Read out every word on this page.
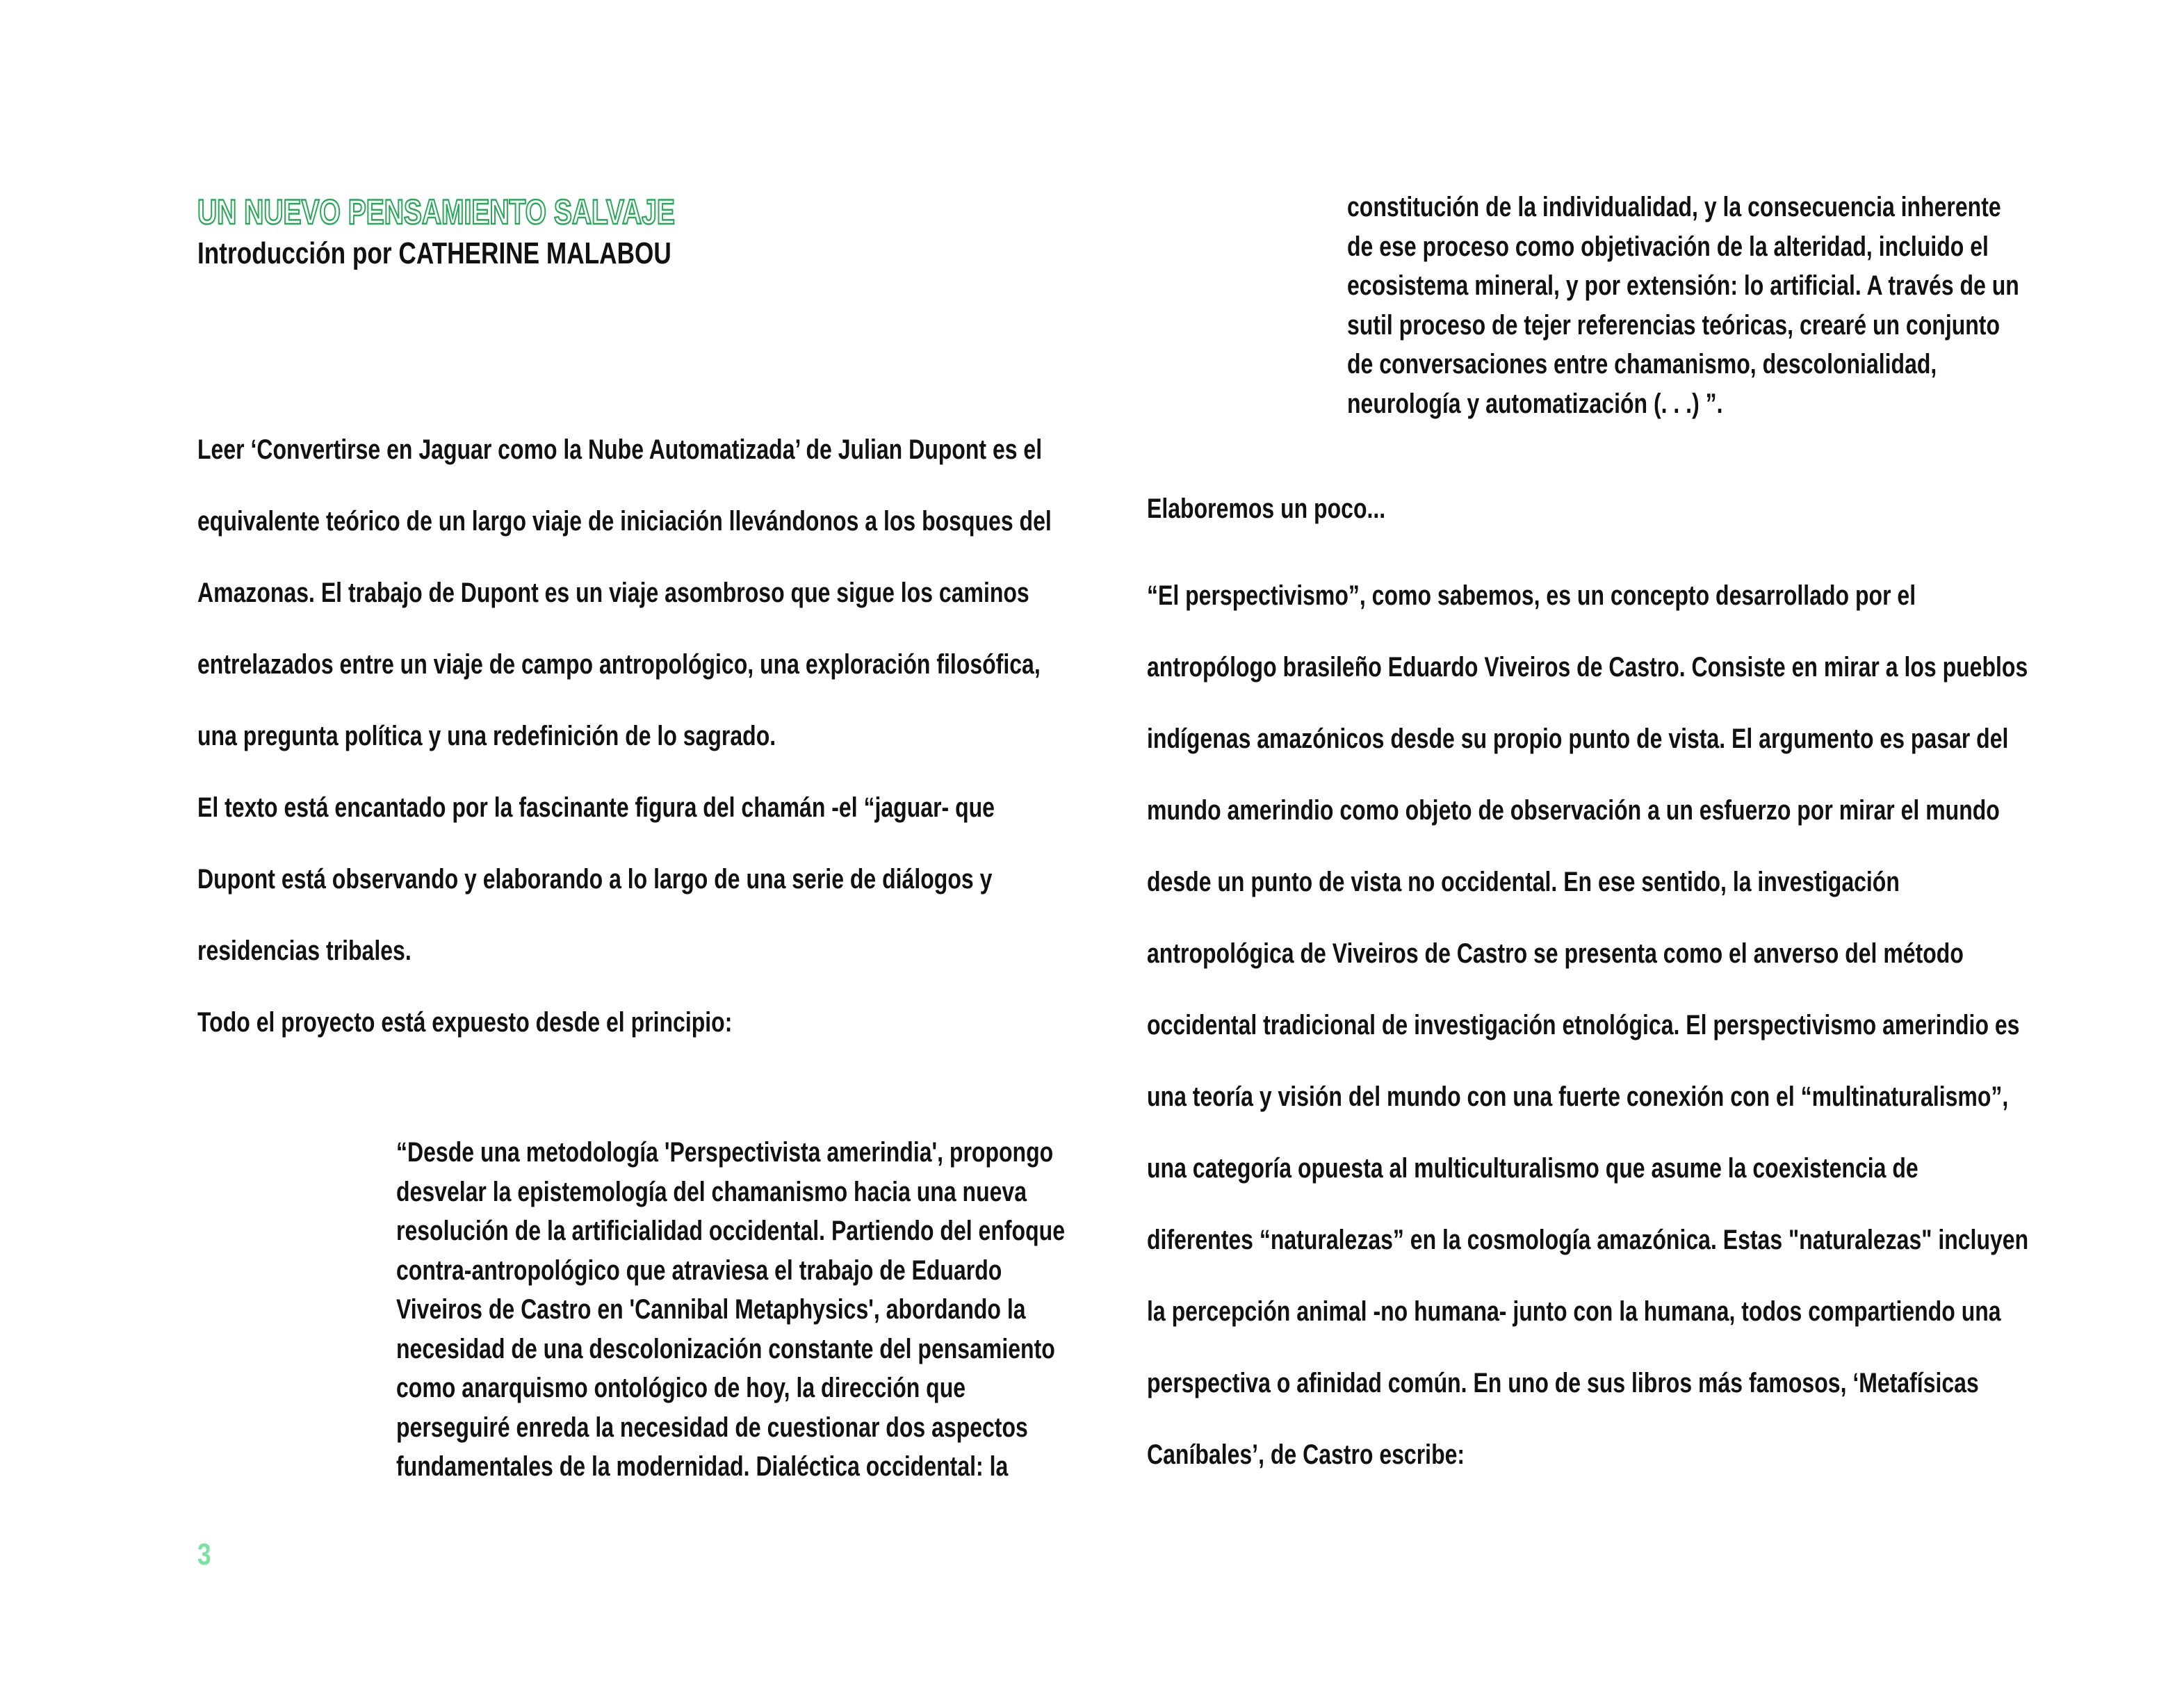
UN NUEVO PENSAMIENTO SALVAJE
Introducción por CATHERINE MALABOU

Leer ‘Convertirse en Jaguar como la Nube Automatizada’ de Julian Dupont es el

equivalente teórico de un largo viaje de iniciación llevándonos a los bosques del

Amazonas. El trabajo de Dupont es un viaje asombroso que sigue los caminos

entrelazados entre un viaje de campo antropológico, una exploración filosófica,

una pregunta política y una redefinición de lo sagrado.

El texto está encantado por la fascinante figura del chamán -el “jaguar- que

Dupont está observando y elaborando a lo largo de una serie de diálogos y

residencias tribales.

Todo el proyecto está expuesto desde el principio:

“Desde una metodología 'Perspectivista amerindia', propongo

desvelar la epistemología del chamanismo hacia una nueva

resolución de la artificialidad occidental. Partiendo del enfoque

contra-antropológico que atraviesa el trabajo de Eduardo

Viveiros de Castro en 'Cannibal Metaphysics', abordando la

necesidad de una descolonización constante del pensamiento

como anarquismo ontológico de hoy, la dirección que

perseguiré enreda la necesidad de cuestionar dos aspectos

fundamentales de la modernidad. Dialéctica occidental: la

constitución de la individualidad, y la consecuencia inherente

de ese proceso como objetivación de la alteridad, incluido el

ecosistema mineral, y por extensión: lo artificial. A través de un

sutil proceso de tejer referencias teóricas, crearé un conjunto

de conversaciones entre chamanismo, descolonialidad,

neurología y automatización (. . .) ”.

Elaboremos un poco...

“El perspectivismo”, como sabemos, es un concepto desarrollado por el

antropólogo brasileño Eduardo Viveiros de Castro. Consiste en mirar a los pueblos

indígenas amazónicos desde su propio punto de vista. El argumento es pasar del

mundo amerindio como objeto de observación a un esfuerzo por mirar el mundo

desde un punto de vista no occidental. En ese sentido, la investigación

antropológica de Viveiros de Castro se presenta como el anverso del método

occidental tradicional de investigación etnológica. El perspectivismo amerindio es

una teoría y visión del mundo con una fuerte conexión con el “multinaturalismo”,

una categoría opuesta al multiculturalismo que asume la coexistencia de

diferentes “naturalezas” en la cosmología amazónica. Estas "naturalezas" incluyen

la percepción animal -no humana- junto con la humana, todos compartiendo una

perspectiva o afinidad común. En uno de sus libros más famosos, ‘Metafísicas

Caníbales’, de Castro escribe:

3
